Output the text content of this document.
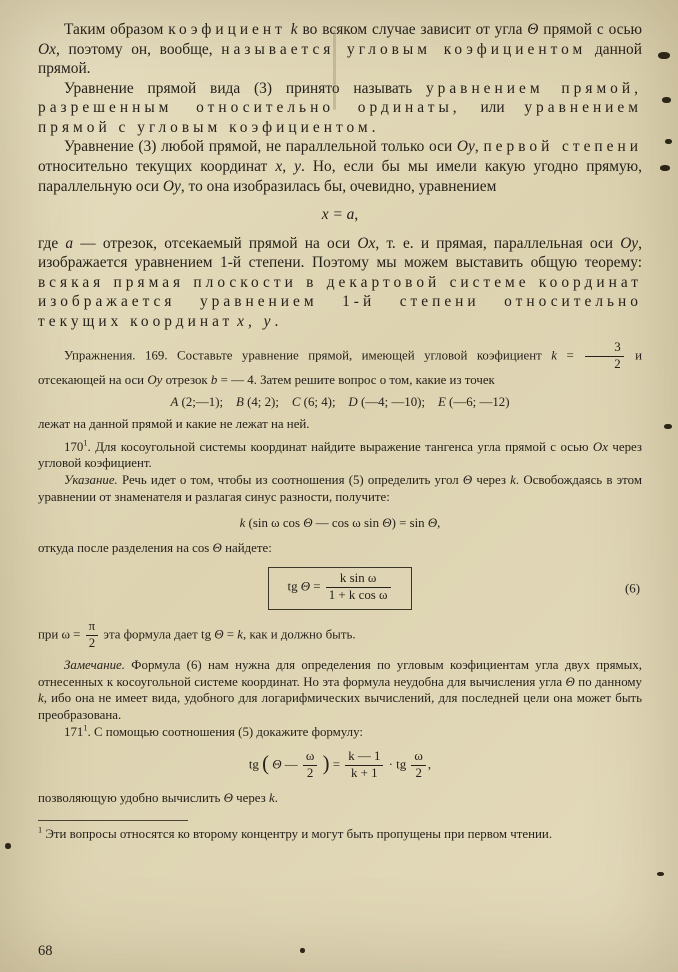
Таким образом коэфициент k во всяком случае зависит от угла Θ прямой с осью Ox, поэтому он, вообще, называется угловым коэфициентом данной прямой.

Уравнение прямой вида (3) принято называть уравнением прямой, разрешенным относительно ординаты, или уравнением прямой с угловым коэфициентом.

Уравнение (3) любой прямой, не параллельной только оси Oy, первой степени относительно текущих координат x, y. Но, если бы мы имели какую угодно прямую, параллельную оси Oy, то она изобразилась бы, очевидно, уравнением

x = a,

где a — отрезок, отсекаемый прямой на оси Ox, т. е. и прямая, параллельная оси Oy, изображается уравнением 1-й степени. Поэтому мы можем выставить общую теорему: всякая прямая плоскости в декартовой системе координат изображается уравнением 1-й степени относительно текущих координат x, y.

Упражнения. 169. Составьте уравнение прямой, имеющей угловой коэфициент $k = \frac{3}{2}$ и отсекающей на оси Oy отрезок b = — 4. Затем решите вопрос о том, какие из точек

A (2;—1);    B (4; 2);    C (6; 4);    D (—4; —10);    E (—6; —12)

лежат на данной прямой и какие не лежат на ней.

$170^1$. Для косоугольной системы координат найдите выражение тангенса угла прямой с осью Ox через угловой коэфициент.

Указание. Речь идет о том, чтобы из соотношения (5) определить угол Θ через k. Освобождаясь в этом уравнении от знаменателя и разлагая синус разности, получите:

k (sin ω cos Θ — cos ω sin Θ) = sin Θ,

откуда после разделения на cos Θ найдете:

tg $\Theta = \frac{\text{k sin ω}}{\text{1 + k cos ω}}$	(6)

при $\omega = \frac{\pi}{2}$ эта формула дает tg Θ = k, как и должно быть.

Замечание. Формула (6) нам нужна для определения по угловым коэфициентам угла двух прямых, отнесенных к косоугольной системе координат. Но эта формула неудобна для вычисления угла Θ по данному k, ибо она не имеет вида, удобного для логарифмических вычислений, для последней цели она может быть преобразована.

$171^1$. С помощью соотношения (5) докажите формулу:

tg ( Θ — $\frac{\omega}{2}$ ) = $\frac{k — 1}{k + 1}$ · tg $\frac{\omega}{2}$ ,

позволяющую удобно вычислить Θ через k.

$^1$ Эти вопросы относятся ко второму концентру и могут быть пропущены при первом чтении.

68
